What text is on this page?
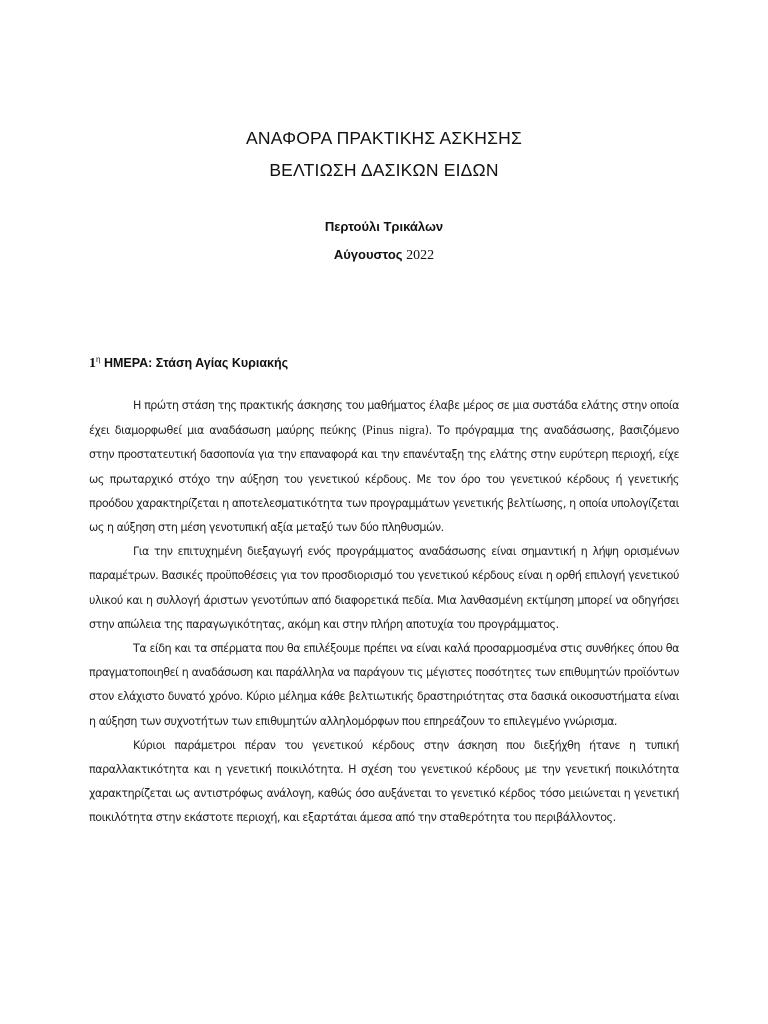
ΑΝΑΦΟΡΑ ΠΡΑΚΤΙΚΗΣ ΑΣΚΗΣΗΣ
ΒΕΛΤΙΩΣΗ ΔΑΣΙΚΩΝ ΕΙΔΩΝ
Περτούλι Τρικάλων
Αύγουστος 2022
$1^\eta$ ΗΜΕΡΑ: Στάση Αγίας Κυριακής

Η πρώτη στάση της πρακτικής άσκησης του μαθήματος έλαβε μέρος σε μια συστάδα ελάτης στην οποία έχει διαμορφωθεί μια αναδάσωση μαύρης πεύκης (Pinus nigra). Το πρόγραμμα της αναδάσωσης, βασιζόμενο στην προστατευτική δασοπονία για την επαναφορά και την επανένταξη της ελάτης στην ευρύτερη περιοχή, είχε ως πρωταρχικό στόχο την αύξηση του γενετικού κέρδους. Με τον όρο του γενετικού κέρδους ή γενετικής προόδου χαρακτηρίζεται η αποτελεσματικότητα των προγραμμάτων γενετικής βελτίωσης, η οποία υπολογίζεται ως η αύξηση στη μέση γενοτυπική αξία μεταξύ των δύο πληθυσμών.

Για την επιτυχημένη διεξαγωγή ενός προγράμματος αναδάσωσης είναι σημαντική η λήψη ορισμένων παραμέτρων. Βασικές προϋποθέσεις για τον προσδιορισμό του γενετικού κέρδους είναι η ορθή επιλογή γενετικού υλικού και η συλλογή άριστων γενοτύπων από διαφορετικά πεδία. Μια λανθασμένη εκτίμηση μπορεί να οδηγήσει στην απώλεια της παραγωγικότητας, ακόμη και στην πλήρη αποτυχία του προγράμματος.

Τα είδη και τα σπέρματα που θα επιλέξουμε πρέπει να είναι καλά προσαρμοσμένα στις συνθήκες όπου θα πραγματοποιηθεί η αναδάσωση και παράλληλα να παράγουν τις μέγιστες ποσότητες των επιθυμητών προϊόντων στον ελάχιστο δυνατό χρόνο. Κύριο μέλημα κάθε βελτιωτικής δραστηριότητας στα δασικά οικοσυστήματα είναι η αύξηση των συχνοτήτων των επιθυμητών αλληλομόρφων που επηρεάζουν το επιλεγμένο γνώρισμα.

Κύριοι παράμετροι πέραν του γενετικού κέρδους στην άσκηση που διεξήχθη ήτανε η τυπική παραλλακτικότητα και η γενετική ποικιλότητα. Η σχέση του γενετικού κέρδους με την γενετική ποικιλότητα χαρακτηρίζεται ως αντιστρόφως ανάλογη, καθώς όσο αυξάνεται το γενετικό κέρδος τόσο μειώνεται η γενετική ποικιλότητα στην εκάστοτε περιοχή, και εξαρτάται άμεσα από την σταθερότητα του περιβάλλοντος.
